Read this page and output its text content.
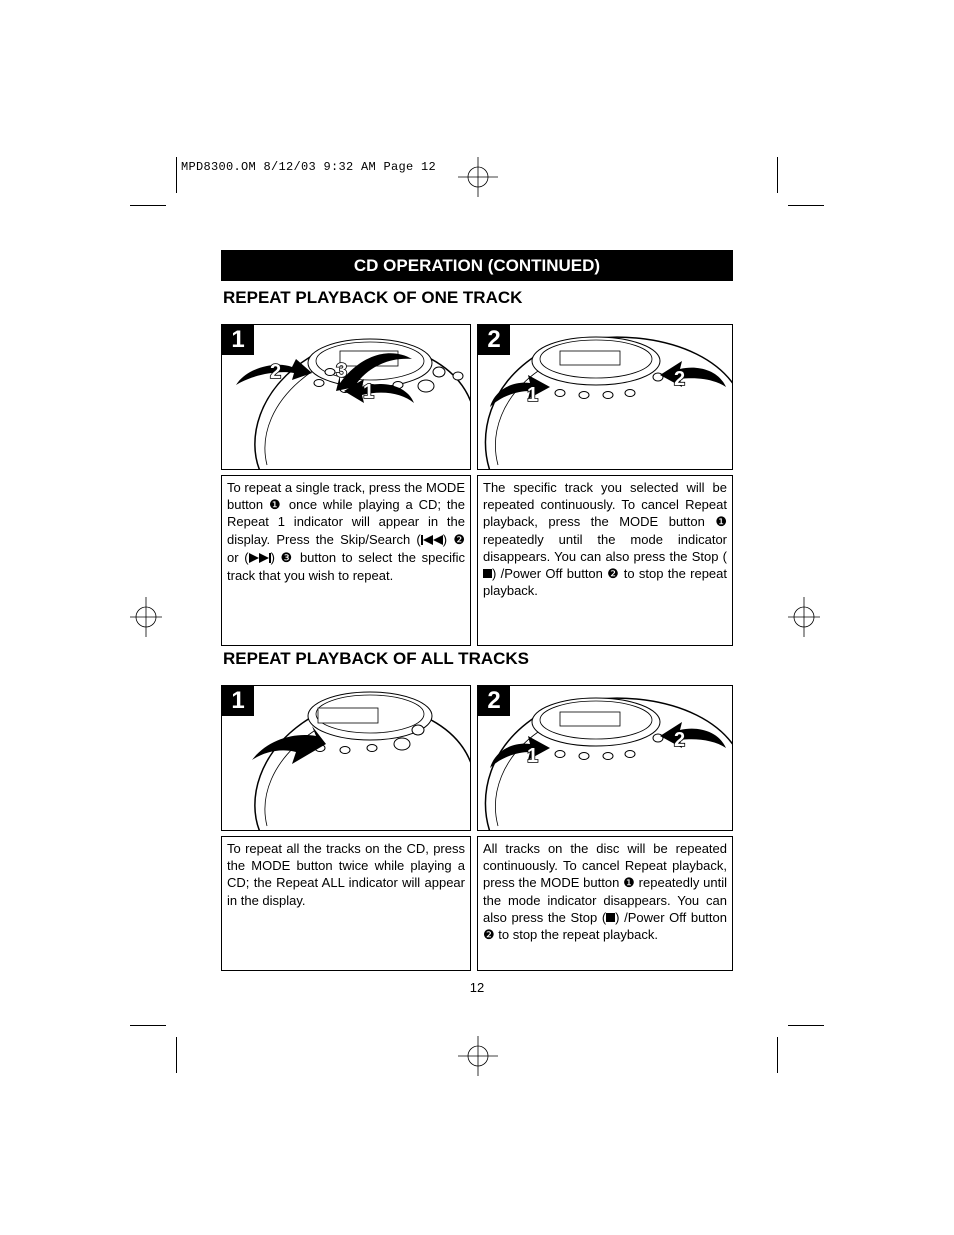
MPD8300.OM 8/12/03 9:32 AM Page 12
CD OPERATION (CONTINUED)
REPEAT PLAYBACK OF ONE TRACK
2	3
1
1
1
2
2

To repeat a single track, press the MODE button ❶ once while playing a CD; the Repeat 1 indicator will appear in the display. Press the Skip/Search ( ) ❷ or ( ) ❸ button to select the specific track that you wish to repeat.

The specific track you selected will be repeated continuously. To cancel Repeat playback, press the MODE button ❶ repeatedly until the mode indicator disappears. You can also press the Stop () /Power Off button ❷ to stop the repeat playback.

REPEAT PLAYBACK OF ALL TRACKS
1
1
2
2

To repeat all the tracks on the CD, press the MODE button twice while playing a CD; the Repeat ALL indicator will appear in the display.

All tracks on the disc will be repeated continuously. To cancel Repeat playback, press the MODE button ❶ repeatedly until the mode indicator disappears. You can also press the Stop ( ) /Power Off button ❷ to stop the repeat playback.

12
